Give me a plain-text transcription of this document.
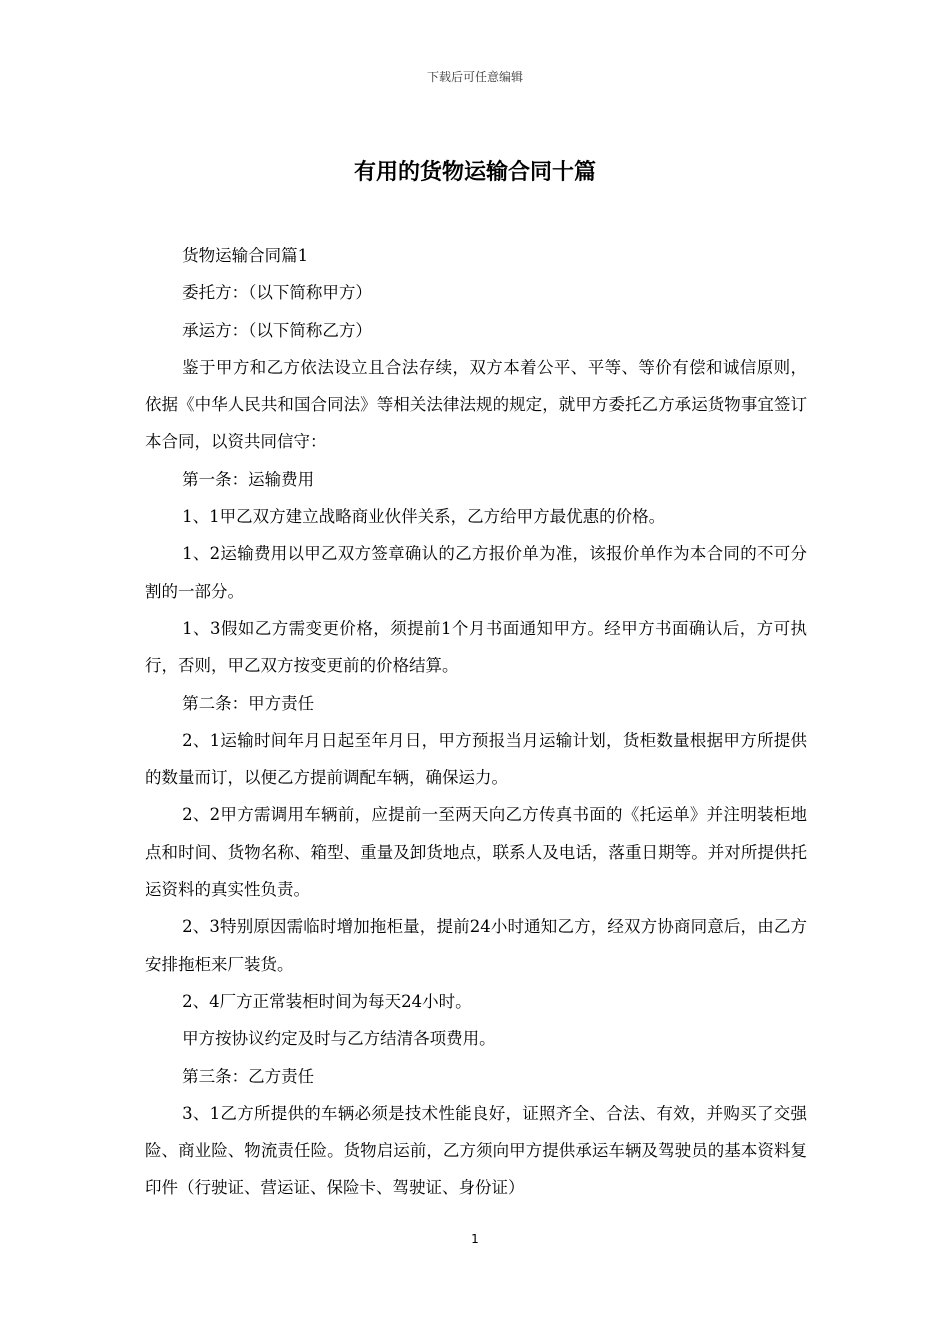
下载后可任意编辑
有用的货物运输合同十篇

货物运输合同篇1

委托方：（以下简称甲方）

承运方：（以下简称乙方）

鉴于甲方和乙方依法设立且合法存续，双方本着公平、平等、等价有偿和诚信原则，依据《中华人民共和国合同法》等相关法律法规的规定，就甲方委托乙方承运货物事宜签订本合同，以资共同信守：

第一条：运输费用

1、1甲乙双方建立战略商业伙伴关系，乙方给甲方最优惠的价格。

1、2运输费用以甲乙双方签章确认的乙方报价单为准，该报价单作为本合同的不可分割的一部分。

1、3假如乙方需变更价格，须提前1个月书面通知甲方。经甲方书面确认后，方可执行，否则，甲乙双方按变更前的价格结算。

第二条：甲方责任

2、1运输时间年月日起至年月日，甲方预报当月运输计划，货柜数量根据甲方所提供的数量而订，以便乙方提前调配车辆，确保运力。

2、2甲方需调用车辆前，应提前一至两天向乙方传真书面的《托运单》并注明装柜地点和时间、货物名称、箱型、重量及卸货地点，联系人及电话，落重日期等。并对所提供托运资料的真实性负责。

2、3特别原因需临时增加拖柜量，提前24小时通知乙方，经双方协商同意后，由乙方安排拖柜来厂装货。

2、4厂方正常装柜时间为每天24小时。

甲方按协议约定及时与乙方结清各项费用。

第三条：乙方责任

3、1乙方所提供的车辆必须是技术性能良好，证照齐全、合法、有效，并购买了交强险、商业险、物流责任险。货物启运前，乙方须向甲方提供承运车辆及驾驶员的基本资料复印件（行驶证、营运证、保险卡、驾驶证、身份证）

1
